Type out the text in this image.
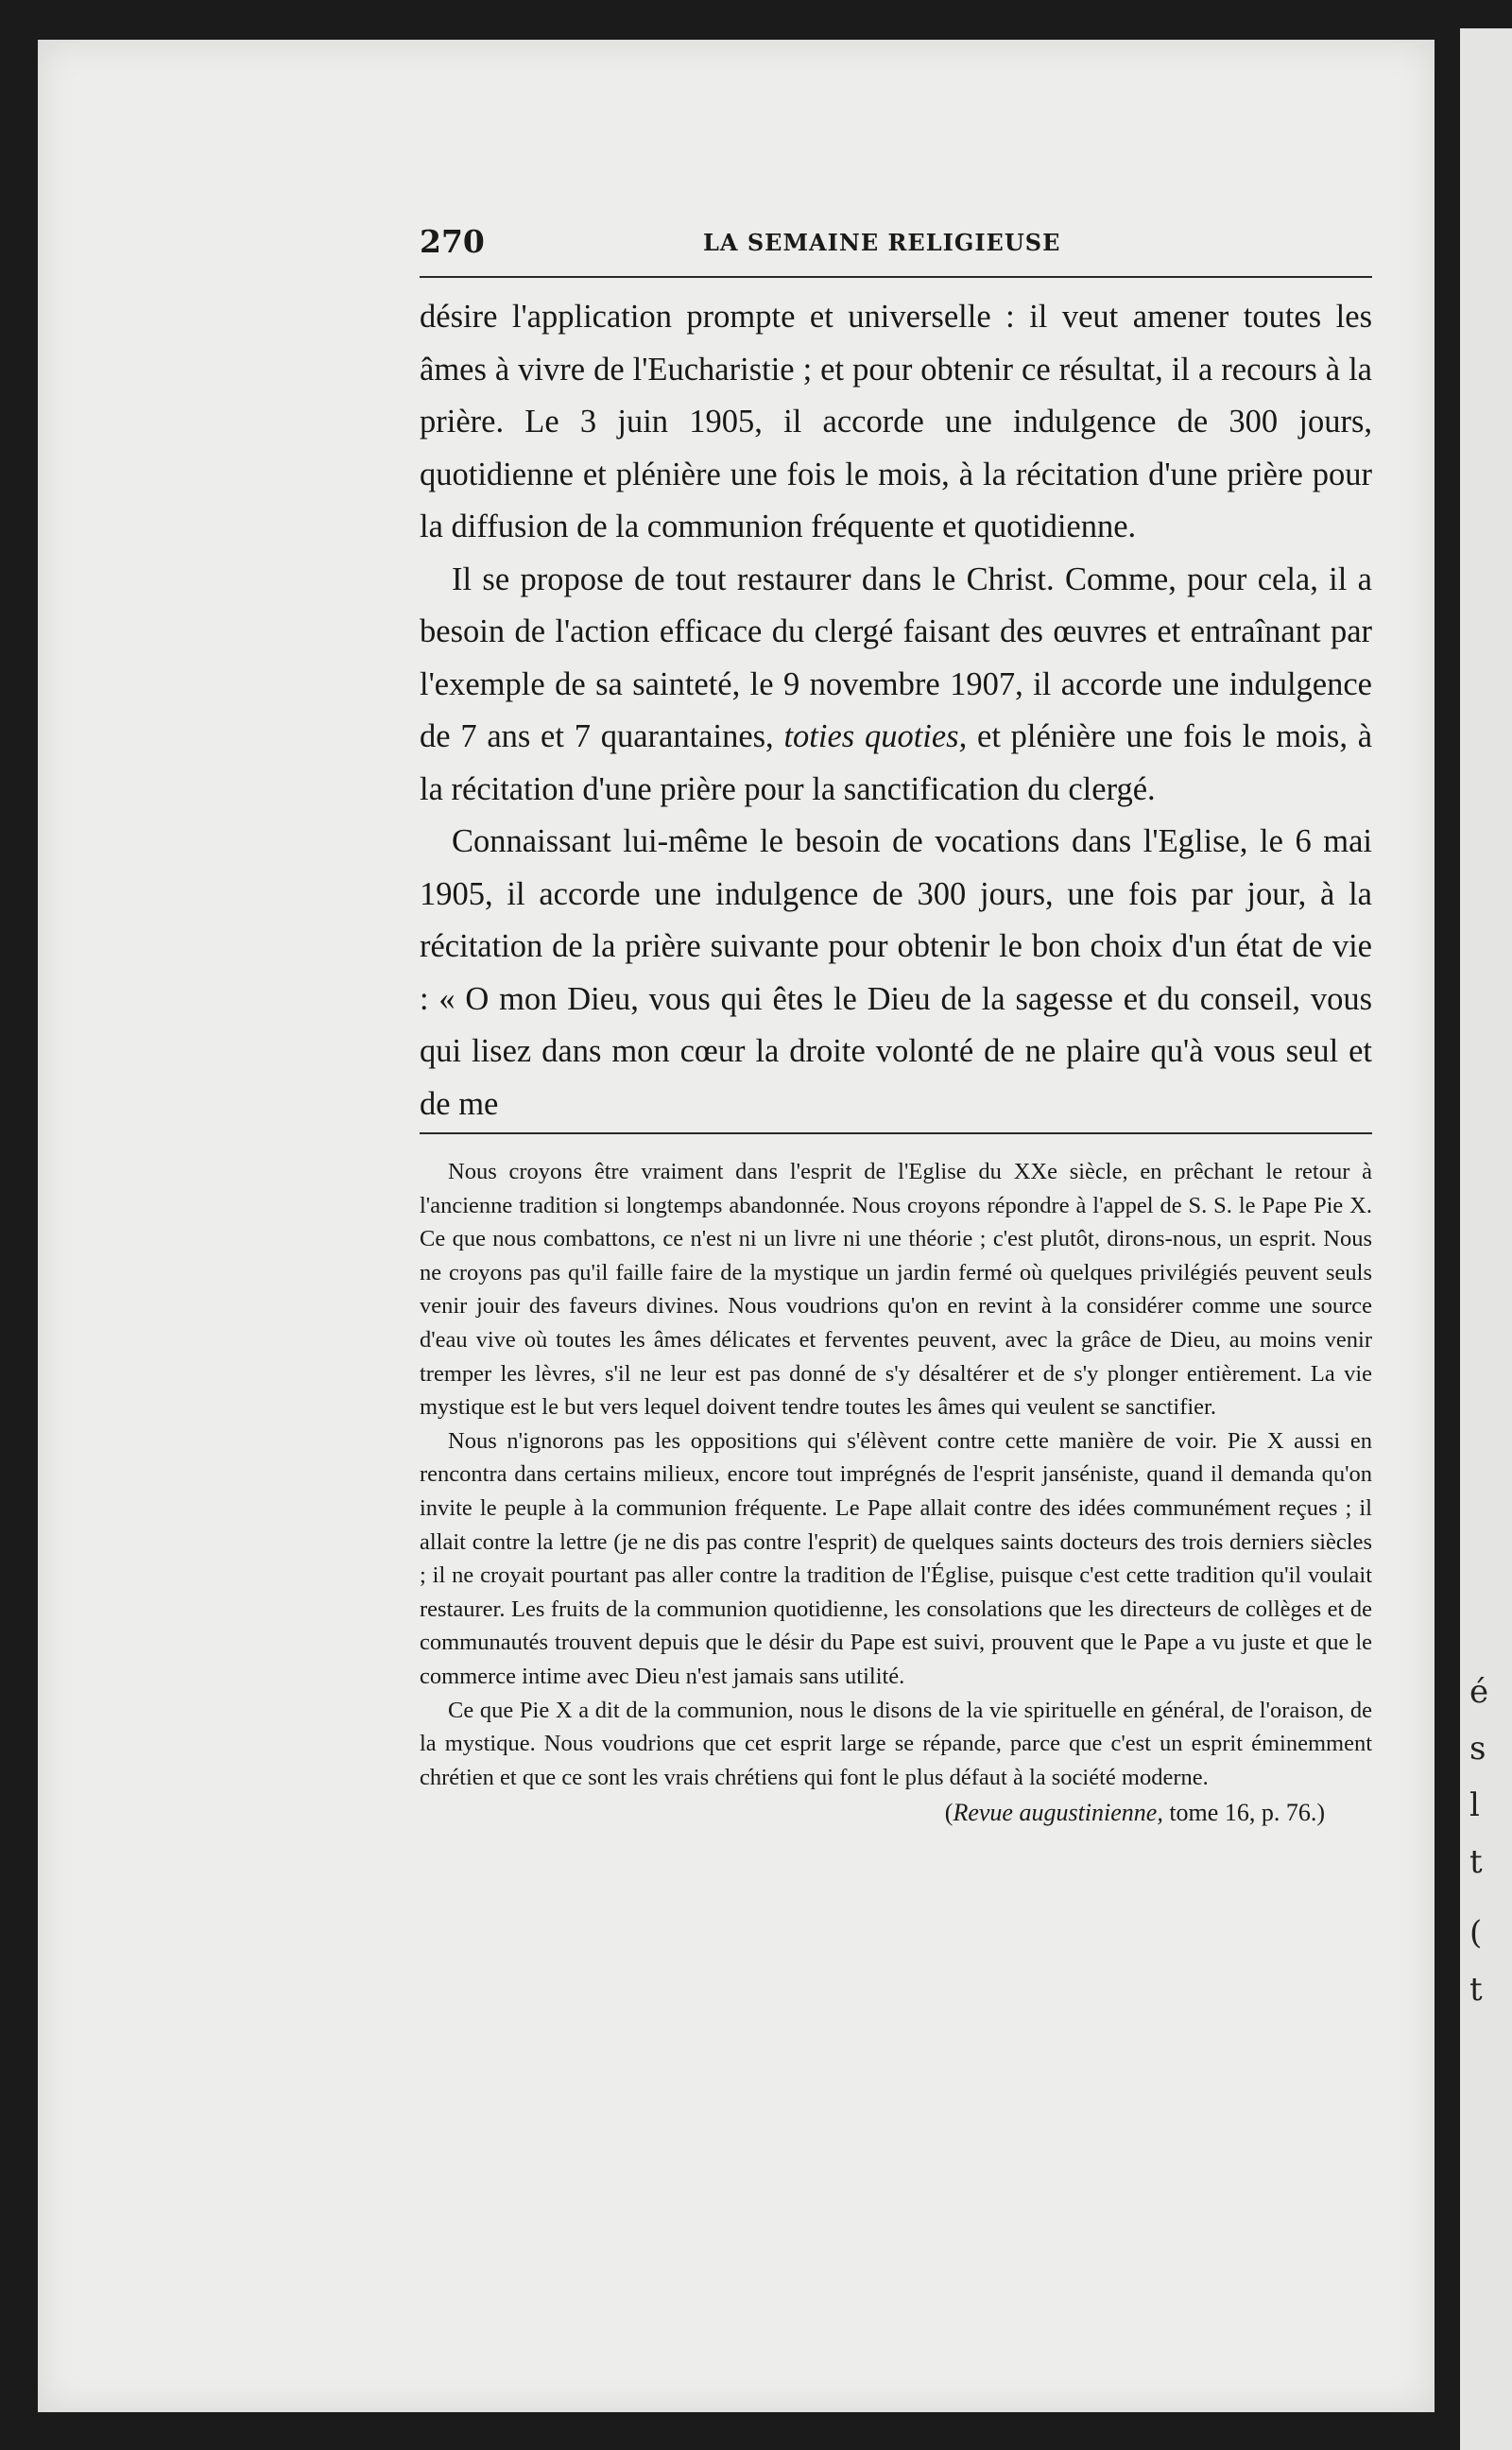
é
s
l
t
(
t
270	LA SEMAINE RELIGIEUSE

désire l'application prompte et universelle : il veut amener toutes les âmes à vivre de l'Eucharistie ; et pour obtenir ce résultat, il a recours à la prière. Le 3 juin 1905, il accorde une indulgence de 300 jours, quotidienne et plénière une fois le mois, à la récitation d'une prière pour la diffusion de la communion fréquente et quotidienne.

Il se propose de tout restaurer dans le Christ. Comme, pour cela, il a besoin de l'action efficace du clergé faisant des œuvres et entraînant par l'exemple de sa sainteté, le 9 novembre 1907, il accorde une indulgence de 7 ans et 7 quarantaines, toties quoties, et plénière une fois le mois, à la récitation d'une prière pour la sanctification du clergé.

Connaissant lui-même le besoin de vocations dans l'Eglise, le 6 mai 1905, il accorde une indulgence de 300 jours, une fois par jour, à la récitation de la prière suivante pour obtenir le bon choix d'un état de vie : « O mon Dieu, vous qui êtes le Dieu de la sagesse et du conseil, vous qui lisez dans mon cœur la droite volonté de ne plaire qu'à vous seul et de me

Nous croyons être vraiment dans l'esprit de l'Eglise du XXe siècle, en prêchant le retour à l'ancienne tradition si longtemps abandonnée. Nous croyons répondre à l'appel de S. S. le Pape Pie X. Ce que nous combattons, ce n'est ni un livre ni une théorie ; c'est plutôt, dirons-nous, un esprit. Nous ne croyons pas qu'il faille faire de la mystique un jardin fermé où quelques privilégiés peuvent seuls venir jouir des faveurs divines. Nous voudrions qu'on en revint à la considérer comme une source d'eau vive où toutes les âmes délicates et ferventes peuvent, avec la grâce de Dieu, au moins venir tremper les lèvres, s'il ne leur est pas donné de s'y désaltérer et de s'y plonger entièrement. La vie mystique est le but vers lequel doivent tendre toutes les âmes qui veulent se sanctifier.

Nous n'ignorons pas les oppositions qui s'élèvent contre cette manière de voir. Pie X aussi en rencontra dans certains milieux, encore tout imprégnés de l'esprit janséniste, quand il demanda qu'on invite le peuple à la communion fréquente. Le Pape allait contre des idées communément reçues ; il allait contre la lettre (je ne dis pas contre l'esprit) de quelques saints docteurs des trois derniers siècles ; il ne croyait pourtant pas aller contre la tradition de l'Église, puisque c'est cette tradition qu'il voulait restaurer. Les fruits de la communion quotidienne, les consolations que les directeurs de collèges et de communautés trouvent depuis que le désir du Pape est suivi, prouvent que le Pape a vu juste et que le commerce intime avec Dieu n'est jamais sans utilité.

Ce que Pie X a dit de la communion, nous le disons de la vie spirituelle en général, de l'oraison, de la mystique. Nous voudrions que cet esprit large se répande, parce que c'est un esprit éminemment chrétien et que ce sont les vrais chrétiens qui font le plus défaut à la société moderne.

(Revue augustinienne, tome 16, p. 76.)
